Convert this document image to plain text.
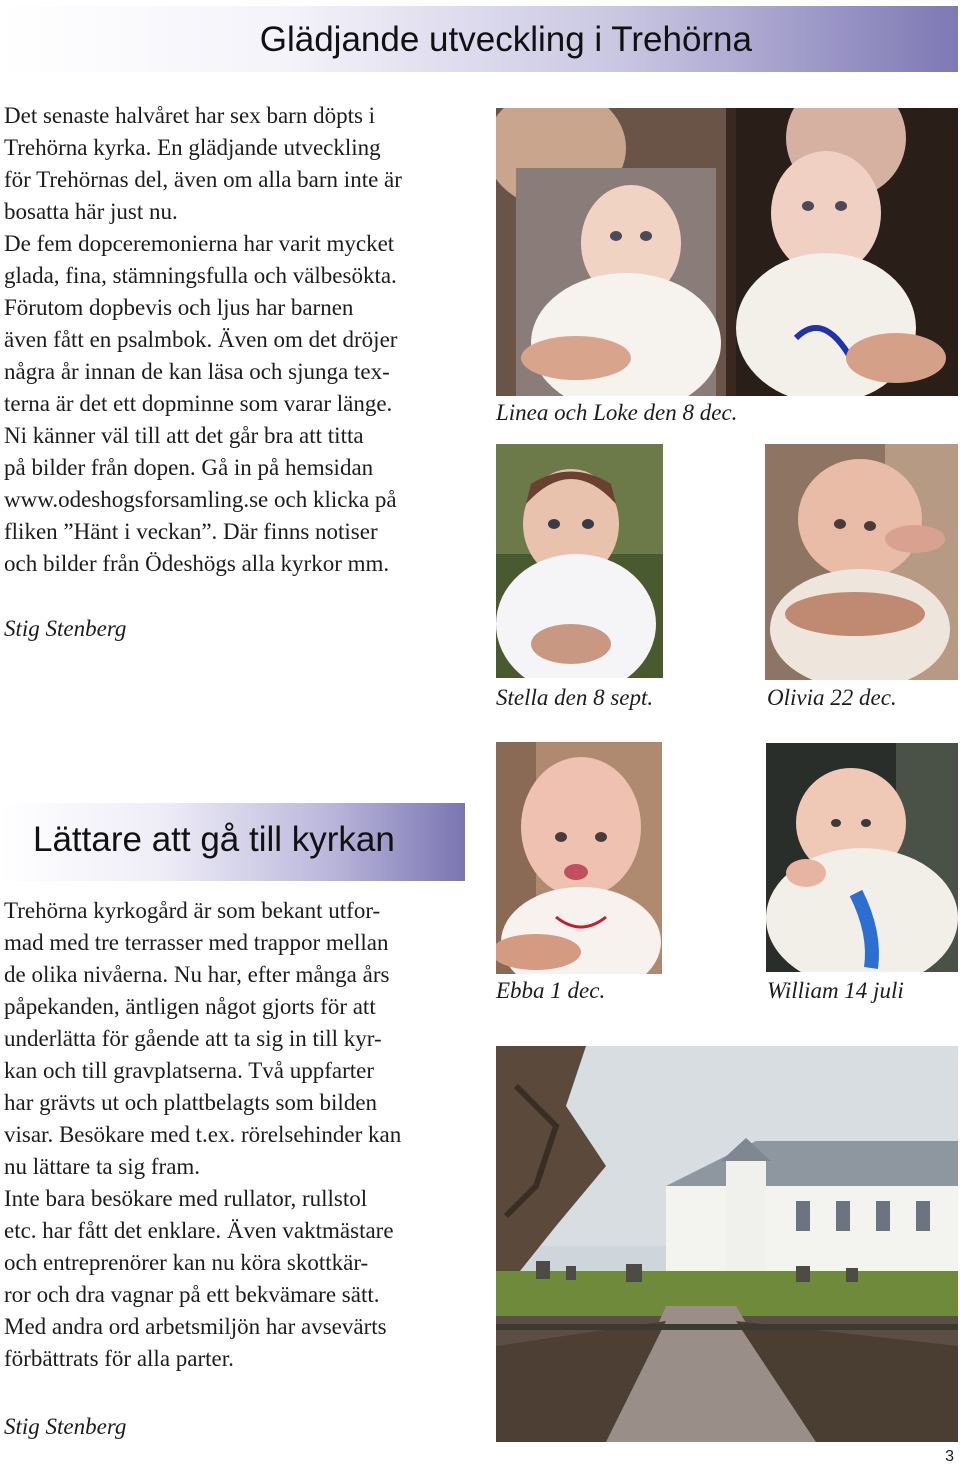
Glädjande utveckling i Trehörna
Det senaste halvåret har sex barn döpts i
Trehörna kyrka. En glädjande utveckling
för Trehörnas del, även om alla barn inte är
bosatta här just nu.
De fem dopceremonierna har varit mycket
glada, fina, stämningsfulla och välbesökta.
Förutom dopbevis och ljus har barnen
även fått en psalmbok. Även om det dröjer
några år innan de kan läsa och sjunga tex-
terna är det ett dopminne som varar länge.
Ni känner väl till att det går bra att titta
på bilder från dopen. Gå in på hemsidan
www.odeshogsforsamling.se och klicka på
fliken ”Hänt i veckan”. Där finns notiser
och bilder från Ödeshögs alla kyrkor mm.
Stig Stenberg
Lättare att gå till kyrkan
Trehörna kyrkogård är som bekant utfor-
mad med tre terrasser med trappor mellan
de olika nivåerna. Nu har, efter många års
påpekanden, äntligen något gjorts för att
underlätta för gående att ta sig in till kyr-
kan och till gravplatserna. Två uppfarter
har grävts ut och plattbelagts som bilden
visar. Besökare med t.ex. rörelsehinder kan
nu lättare ta sig fram.
Inte bara besökare med rullator, rullstol
etc. har fått det enklare. Även vaktmästare
och entreprenörer kan nu köra skottkär-
ror och dra vagnar på ett bekvämare sätt.
Med andra ord arbetsmiljön har avsevärts
förbättrats för alla parter.
Stig Stenberg
Linea och Loke den 8 dec.
Stella den 8 sept.	Olivia 22 dec.
Ebba 1 dec.	William 14 juli
3
